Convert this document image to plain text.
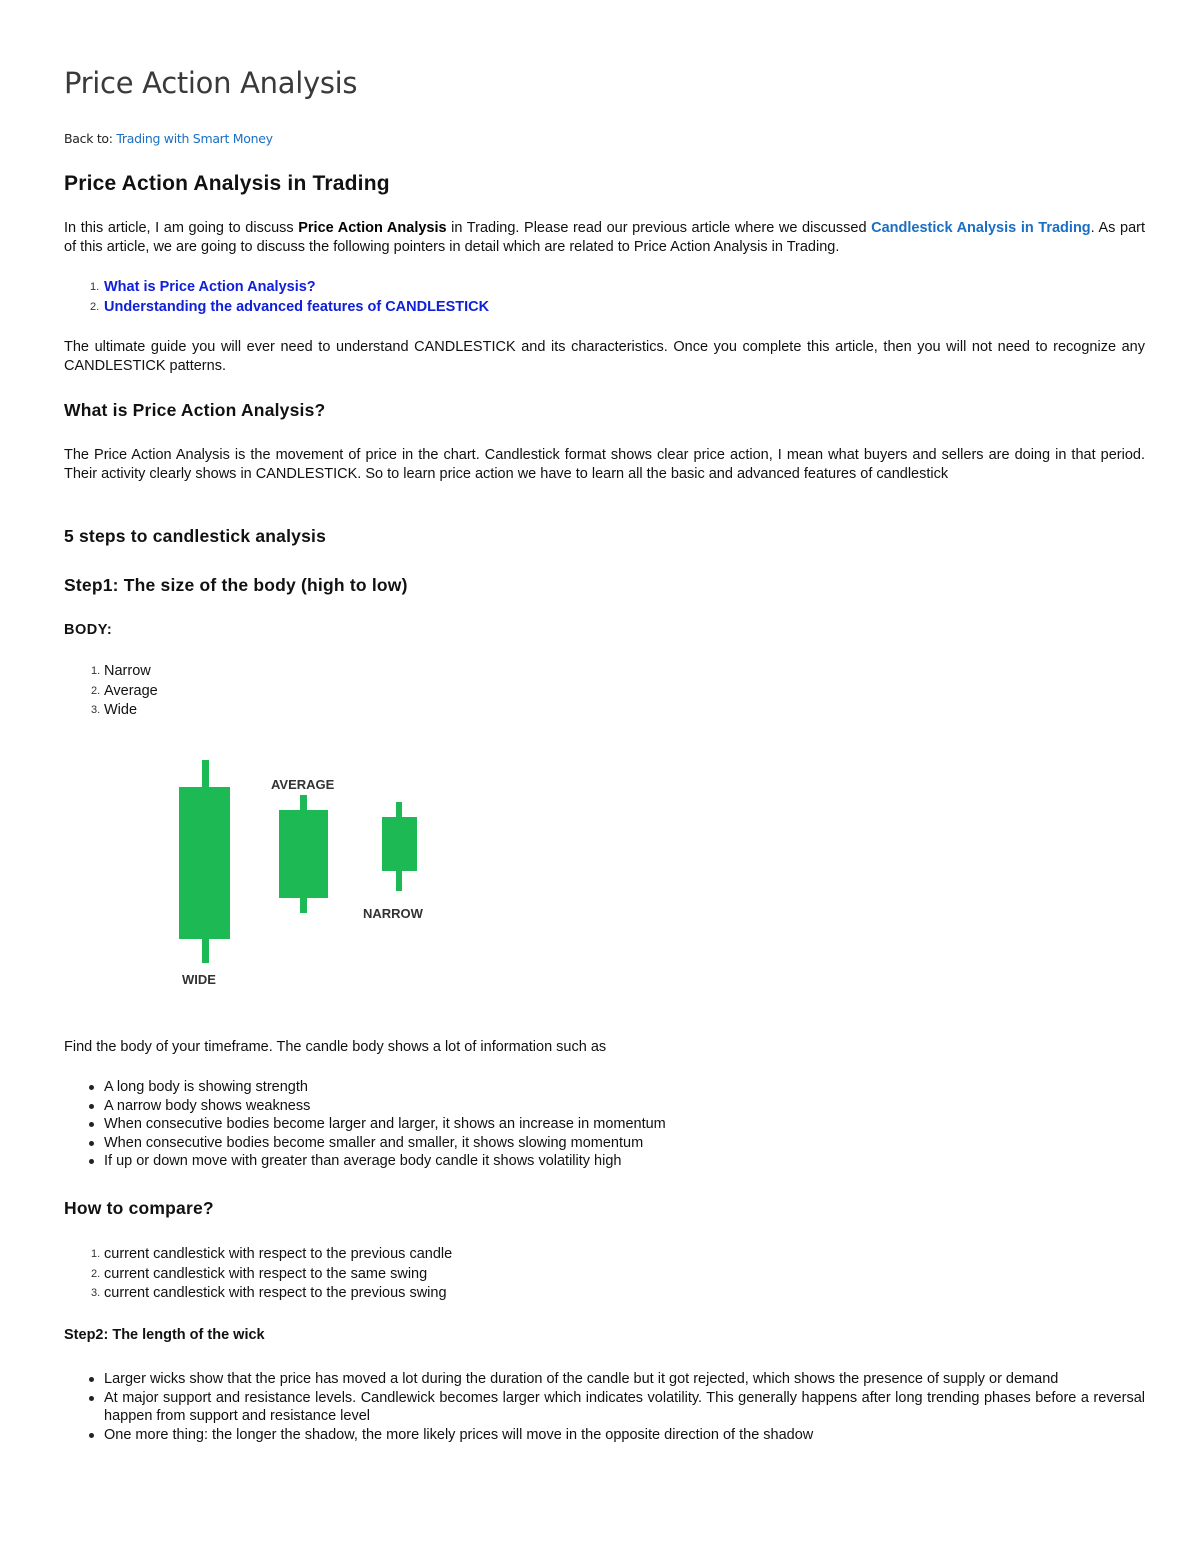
Price Action Analysis
Back to: Trading with Smart Money
Price Action Analysis in Trading
In this article, I am going to discuss Price Action Analysis in Trading. Please read our previous article where we discussed Candlestick Analysis in Trading. As part of this article, we are going to discuss the following pointers in detail which are related to Price Action Analysis in Trading.
1. What is Price Action Analysis?
2. Understanding the advanced features of CANDLESTICK
The ultimate guide you will ever need to understand CANDLESTICK and its characteristics. Once you complete this article, then you will not need to recognize any CANDLESTICK patterns.
What is Price Action Analysis?
The Price Action Analysis is the movement of price in the chart. Candlestick format shows clear price action, I mean what buyers and sellers are doing in that period. Their activity clearly shows in CANDLESTICK. So to learn price action we have to learn all the basic and advanced features of candlestick
5 steps to candlestick analysis
Step1: The size of the body (high to low)
BODY:
1. Narrow
2. Average
3. Wide
WIDE
AVERAGE
NARROW
Find the body of your timeframe. The candle body shows a lot of information such as
A long body is showing strength
A narrow body shows weakness
When consecutive bodies become larger and larger, it shows an increase in momentum
When consecutive bodies become smaller and smaller, it shows slowing momentum
If up or down move with greater than average body candle it shows volatility high
How to compare?
1. current candlestick with respect to the previous candle
2. current candlestick with respect to the same swing
3. current candlestick with respect to the previous swing
Step2: The length of the wick
Larger wicks show that the price has moved a lot during the duration of the candle but it got rejected, which shows the presence of supply or demand
At major support and resistance levels. Candlewick becomes larger which indicates volatility. This generally happens after long trending phases before a reversal happen from support and resistance level
One more thing: the longer the shadow, the more likely prices will move in the opposite direction of the shadow
